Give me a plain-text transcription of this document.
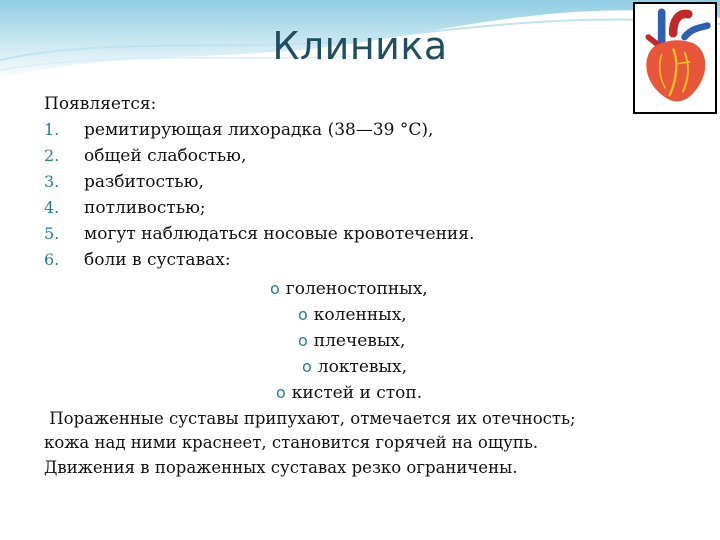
Клиника
Появляется:
1. ремитирующая лихорадка (38—39 °С),
2. общей слабостью,
3. разбитостью,
4. потливостью;
5. могут наблюдаться носовые кровотечения.
6. боли в суставах:
o голеностопных,
o коленных,
o плечевых,
o локтевых,
o кистей и стоп.
Пораженные суставы припухают, отмечается их отечность;
кожа над ними краснеет, становится горячей на ощупь.
Движения в пораженных суставах резко ограничены.
